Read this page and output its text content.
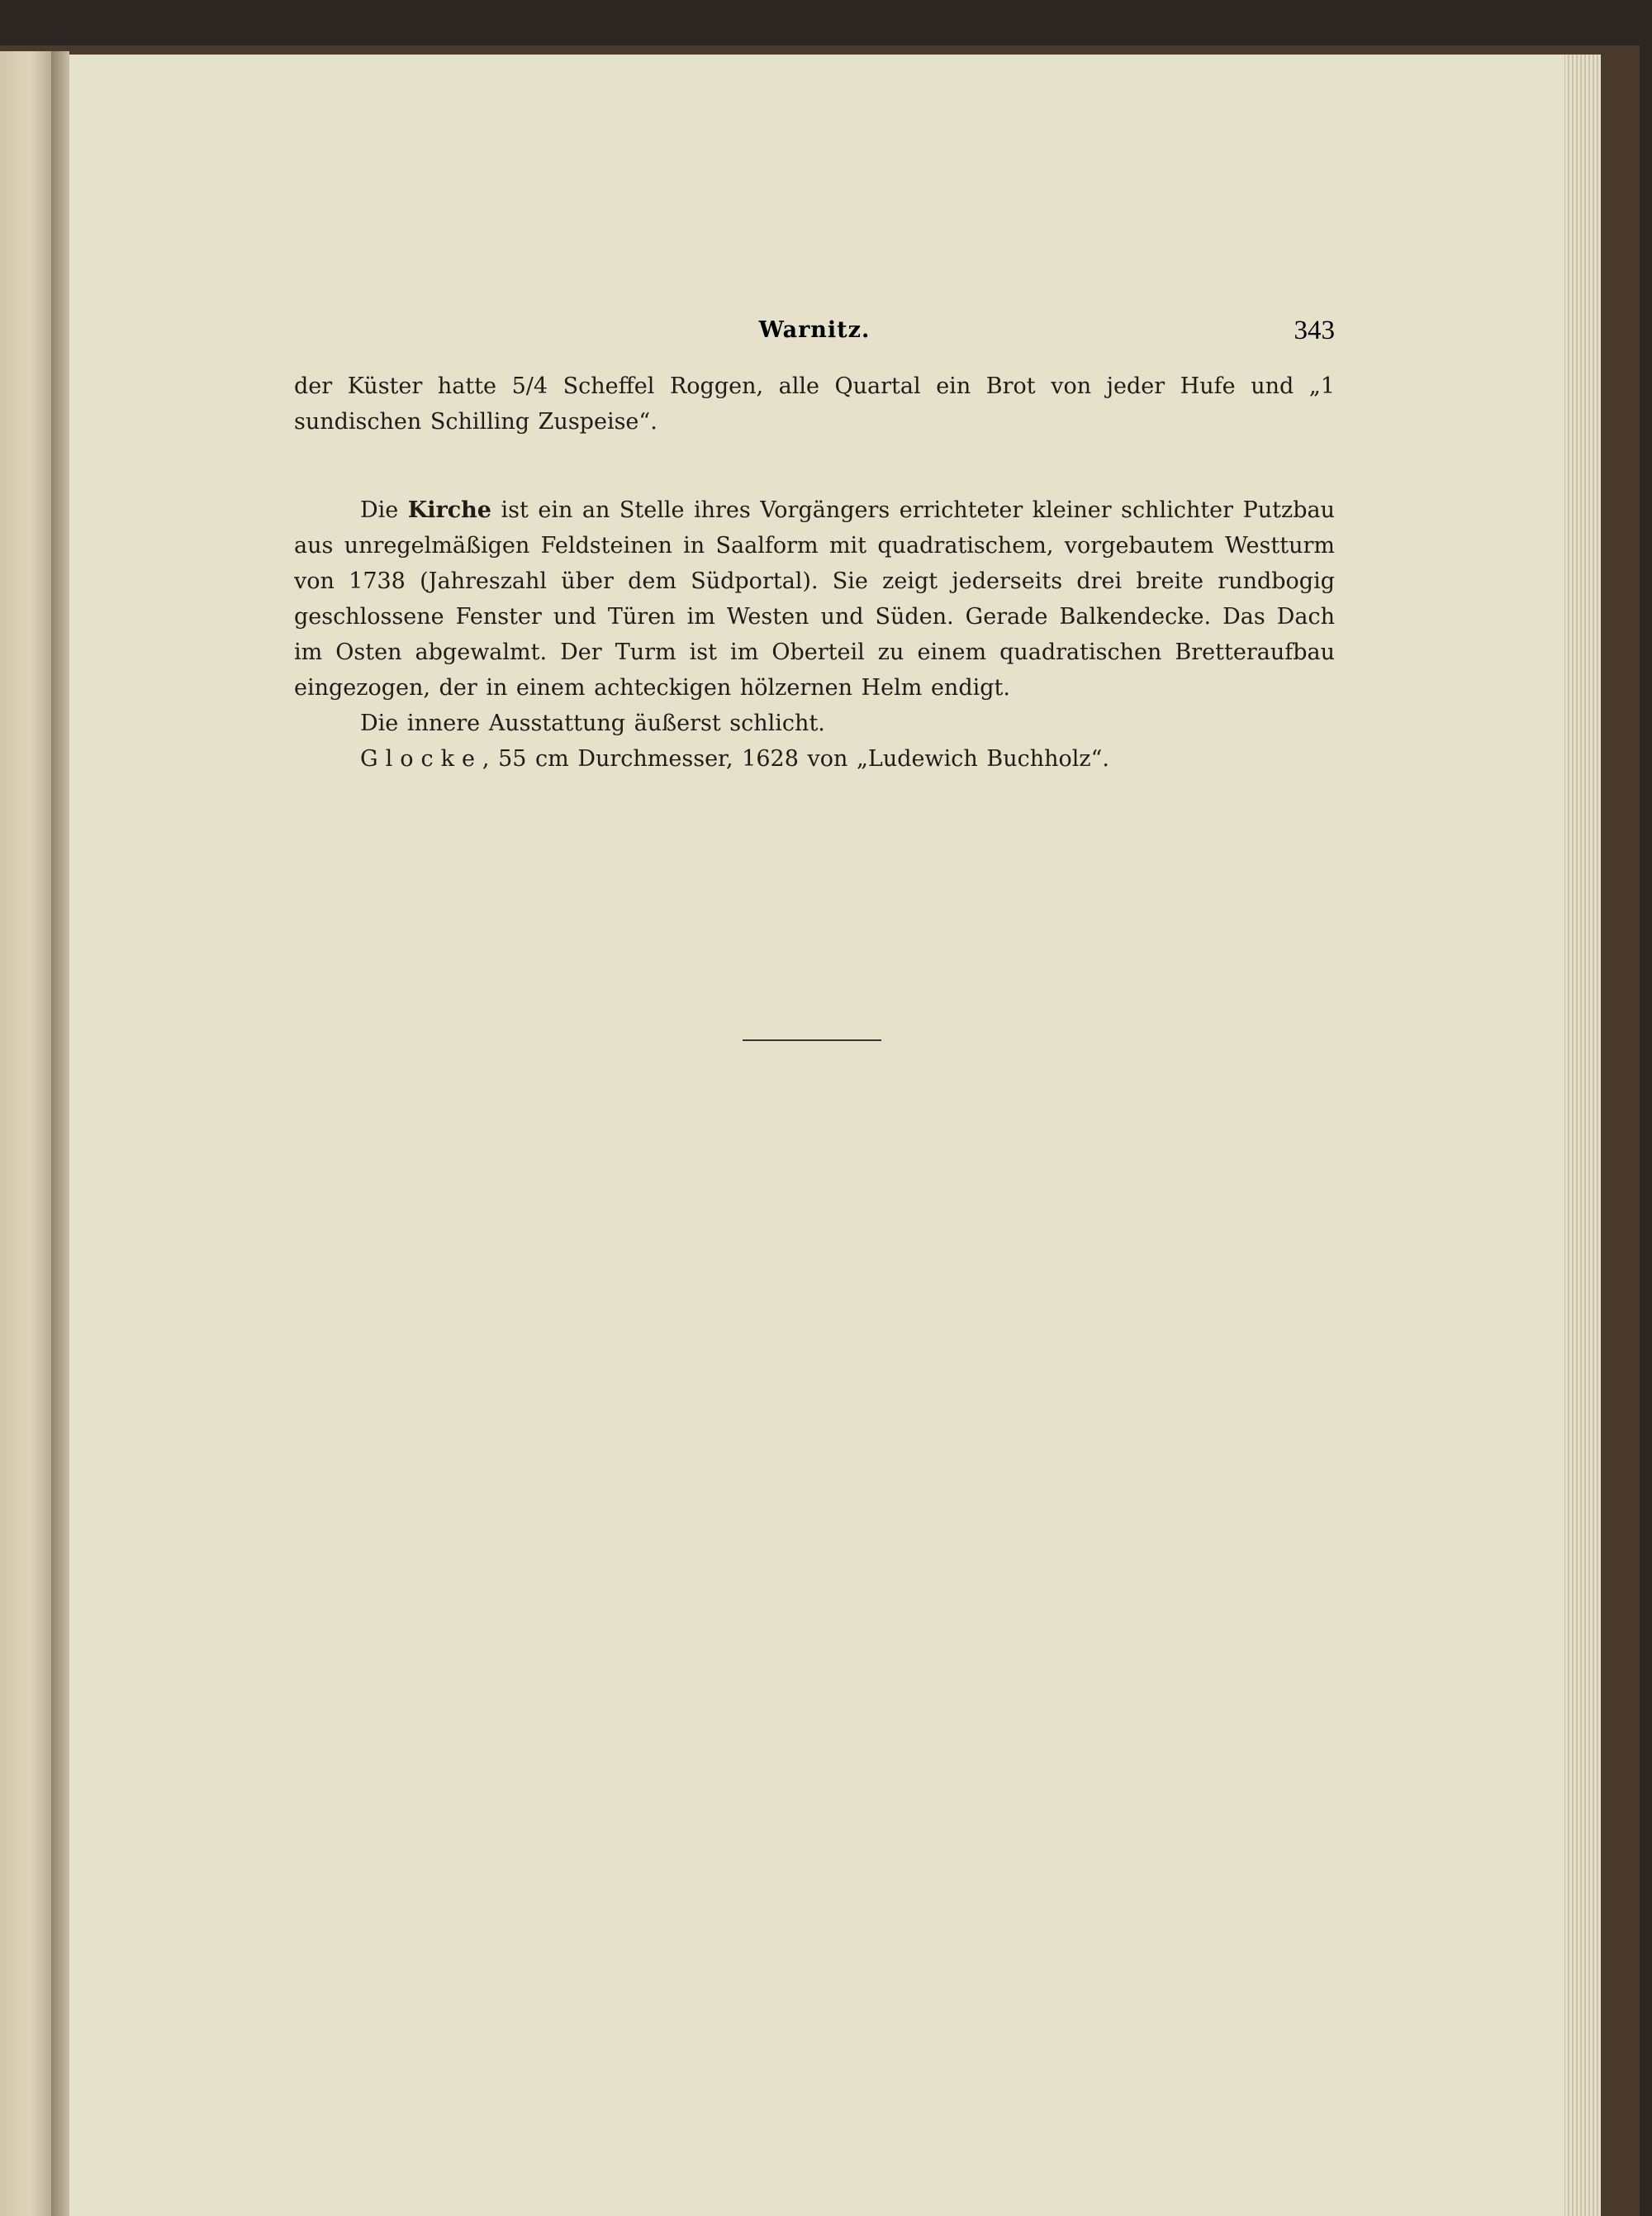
Warnitz.	343
der Küster hatte 5/4 Scheffel Roggen, alle Quartal ein Brot von jeder Hufe und „1 sundischen Schilling Zuspeise“.
Die Kirche ist ein an Stelle ihres Vorgängers errichteter kleiner schlichter Putzbau aus unregelmäßigen Feldsteinen in Saalform mit quadratischem, vorgebautem Westturm von 1738 (Jahreszahl über dem Südportal). Sie zeigt jederseits drei breite rundbogig geschlossene Fenster und Türen im Westen und Süden. Gerade Balkendecke. Das Dach im Osten abgewalmt. Der Turm ist im Oberteil zu einem quadratischen Bretteraufbau eingezogen, der in einem achteckigen hölzernen Helm endigt.
Die innere Ausstattung äußerst schlicht.
Glocke, 55 cm Durchmesser, 1628 von „Ludewich Buchholz“.
